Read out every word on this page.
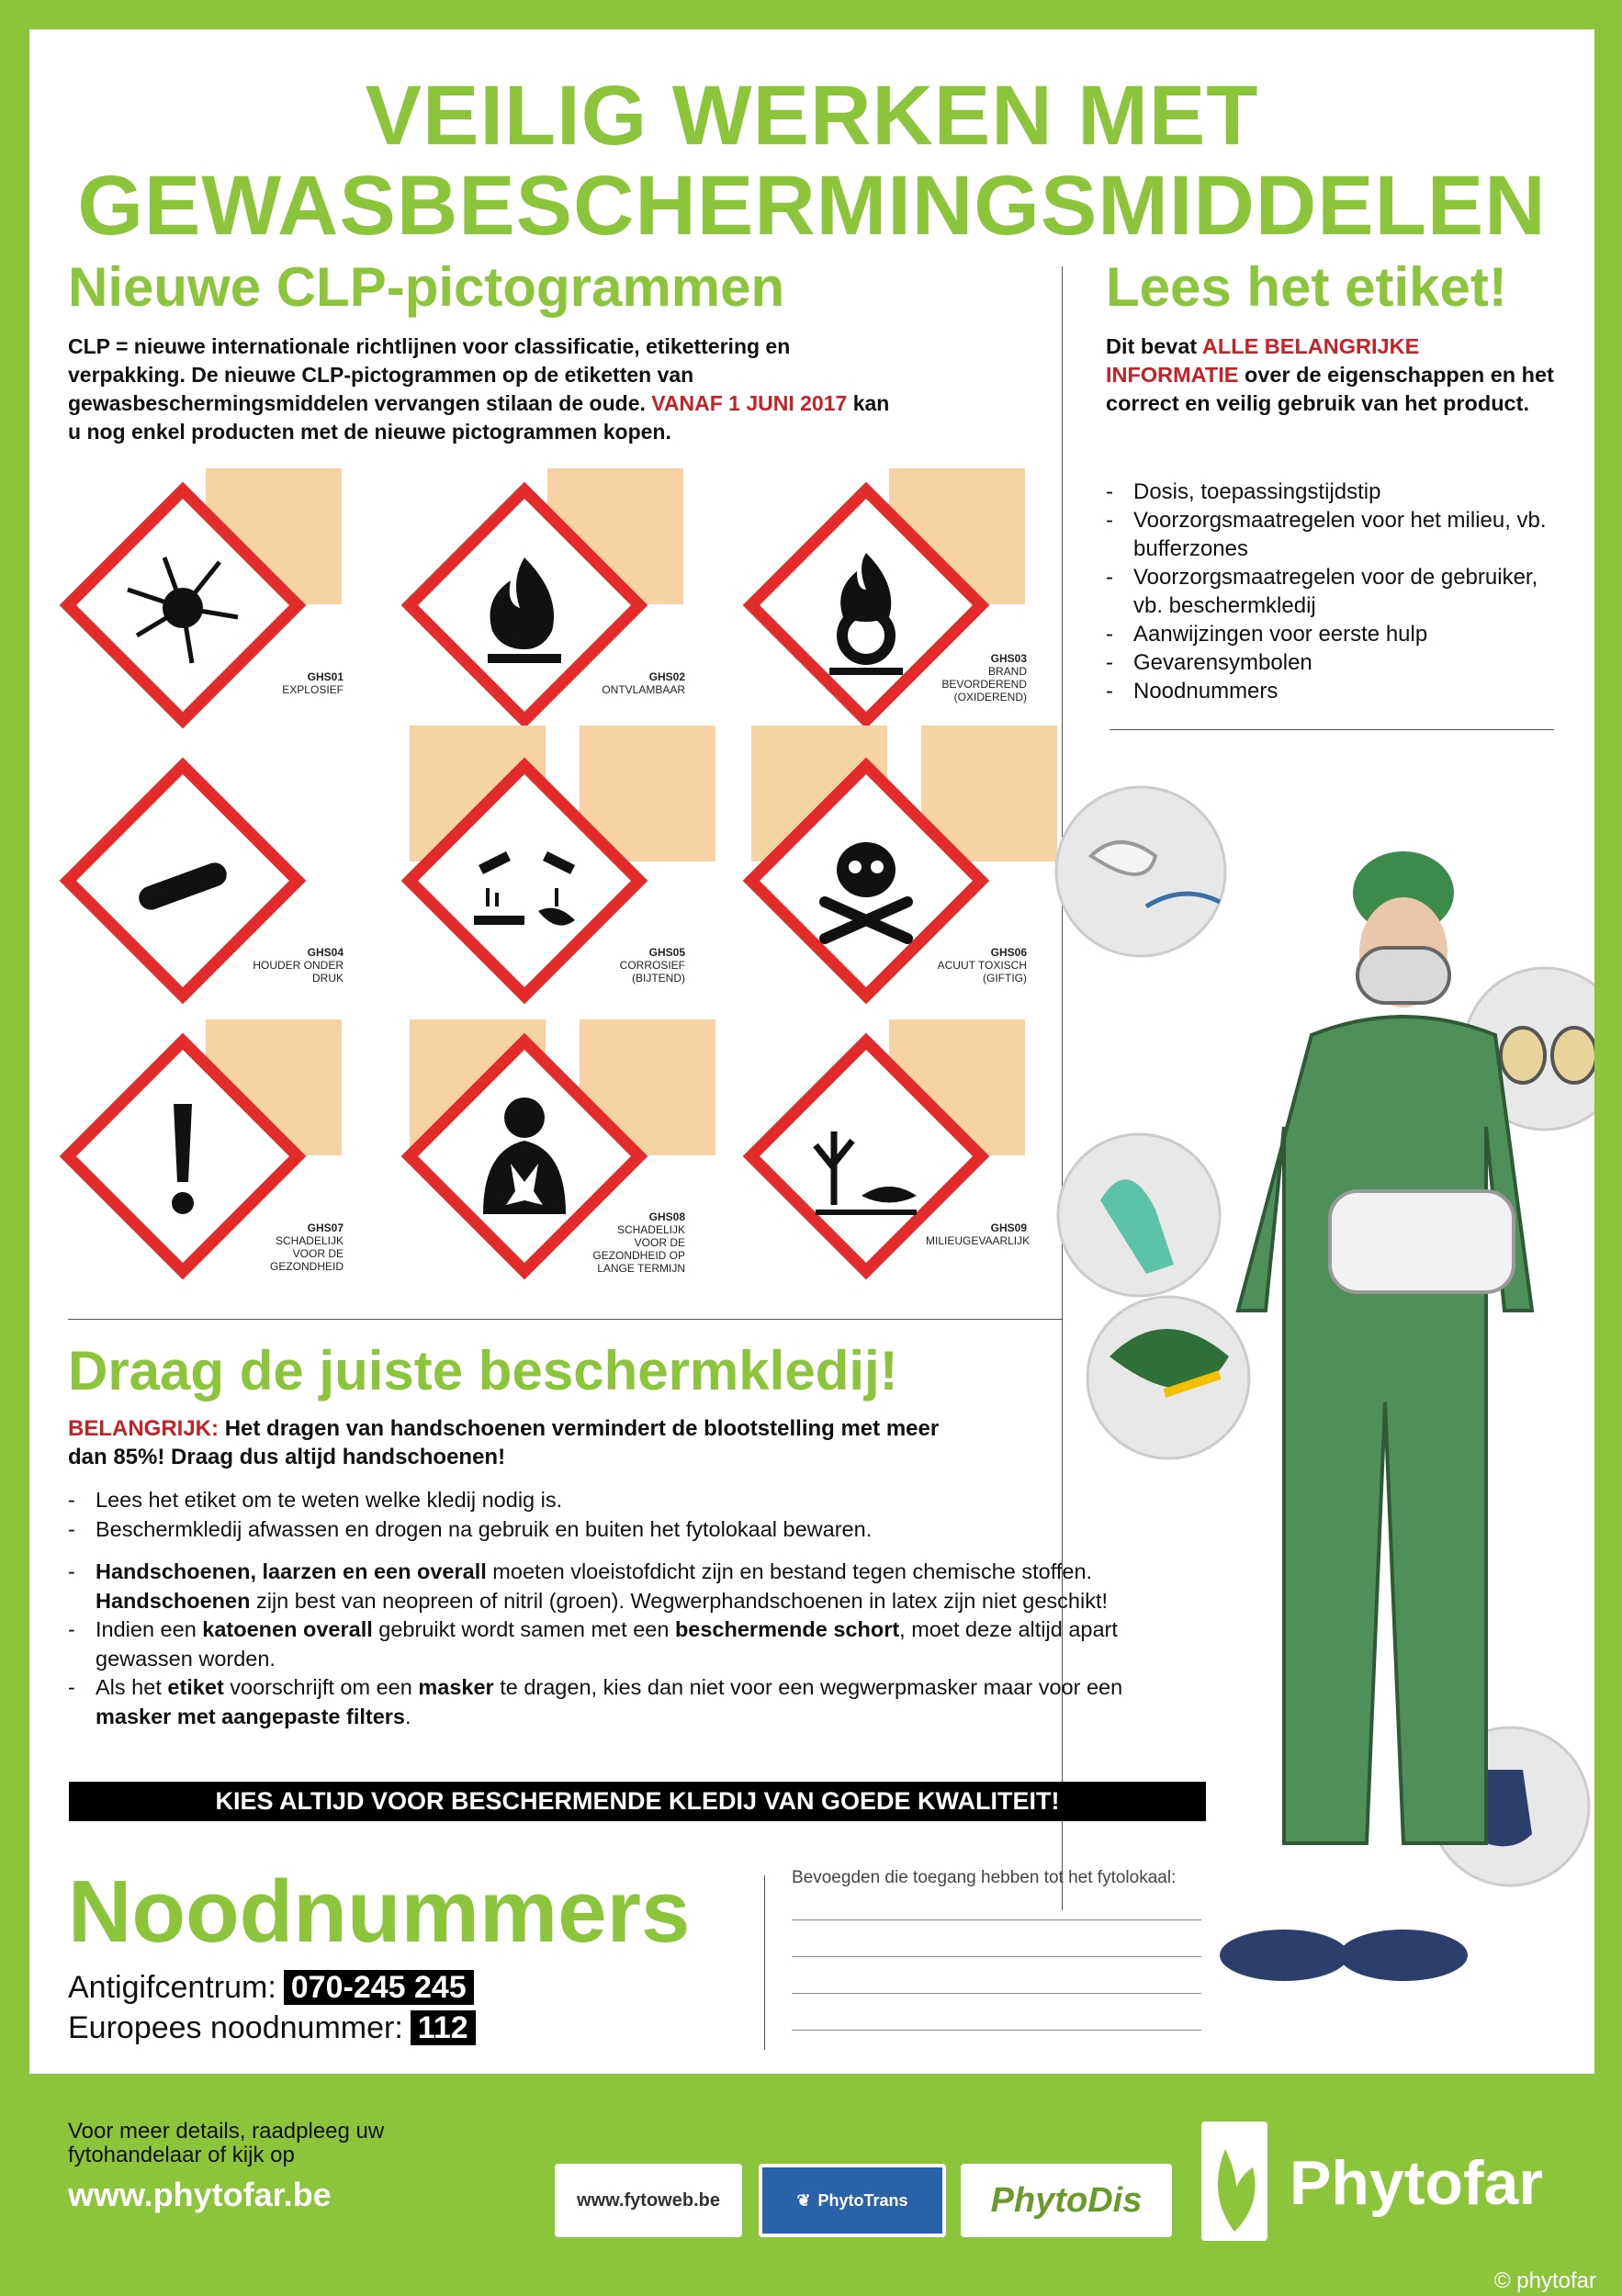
VEILIG WERKEN MET
GEWASBESCHERMINGSMIDDELEN
Nieuwe CLP-pictogrammen
CLP = nieuwe internationale richtlijnen voor classificatie, etikettering en verpakking. De nieuwe CLP-pictogrammen op de etiketten van gewasbeschermingsmiddelen vervangen stilaan de oude. VANAF 1 JUNI 2017 kan u nog enkel producten met de nieuwe pictogrammen kopen.
GHS01
EXPLOSIEF
GHS02
ONTVLAMBAAR
GHS03
BRAND BEVORDEREND (OXIDEREND)
GHS04
HOUDER ONDER DRUK
GHS05
CORROSIEF (BIJTEND)
GHS06
ACUUT TOXISCH (GIFTIG)
GHS07
SCHADELIJK VOOR DE GEZONDHEID
GHS08
SCHADELIJK VOOR DE GEZONDHEID OP LANGE TERMIJN
GHS09
MILIEUGEVAARLIJK
Lees het etiket!
Dit bevat ALLE BELANGRIJKE INFORMATIE over de eigenschappen en het correct en veilig gebruik van het product.
- Dosis, toepassingstijdstip
- Voorzorgsmaatregelen voor het milieu, vb. bufferzones
- Voorzorgsmaatregelen voor de gebruiker, vb. beschermkledij
- Aanwijzingen voor eerste hulp
- Gevarensymbolen
- Noodnummers
Draag de juiste beschermkledij!
BELANGRIJK: Het dragen van handschoenen vermindert de blootstelling met meer dan 85%! Draag dus altijd handschoenen!
- Lees het etiket om te weten welke kledij nodig is.
- Beschermkledij afwassen en drogen na gebruik en buiten het fytolokaal bewaren.
- Handschoenen, laarzen en een overall moeten vloeistofdicht zijn en bestand tegen chemische stoffen. Handschoenen zijn best van neopreen of nitril (groen). Wegwerphandschoenen in latex zijn niet geschikt!
- Indien een katoenen overall gebruikt wordt samen met een beschermende schort, moet deze altijd apart gewassen worden.
- Als het etiket voorschrijft om een masker te dragen, kies dan niet voor een wegwerpmasker maar voor een masker met aangepaste filters.
KIES ALTIJD VOOR BESCHERMENDE KLEDIJ VAN GOEDE KWALITEIT!
Noodnummers
Antigifcentrum: 070-245 245
Europees noodnummer: 112
Bevoegden die toegang hebben tot het fytolokaal:
Voor meer details, raadpleeg uw fytohandelaar of kijk op
www.phytofar.be	www.fytoweb.be	❦ PhytoTrans PhytoDis Phytofar
© phytofar
